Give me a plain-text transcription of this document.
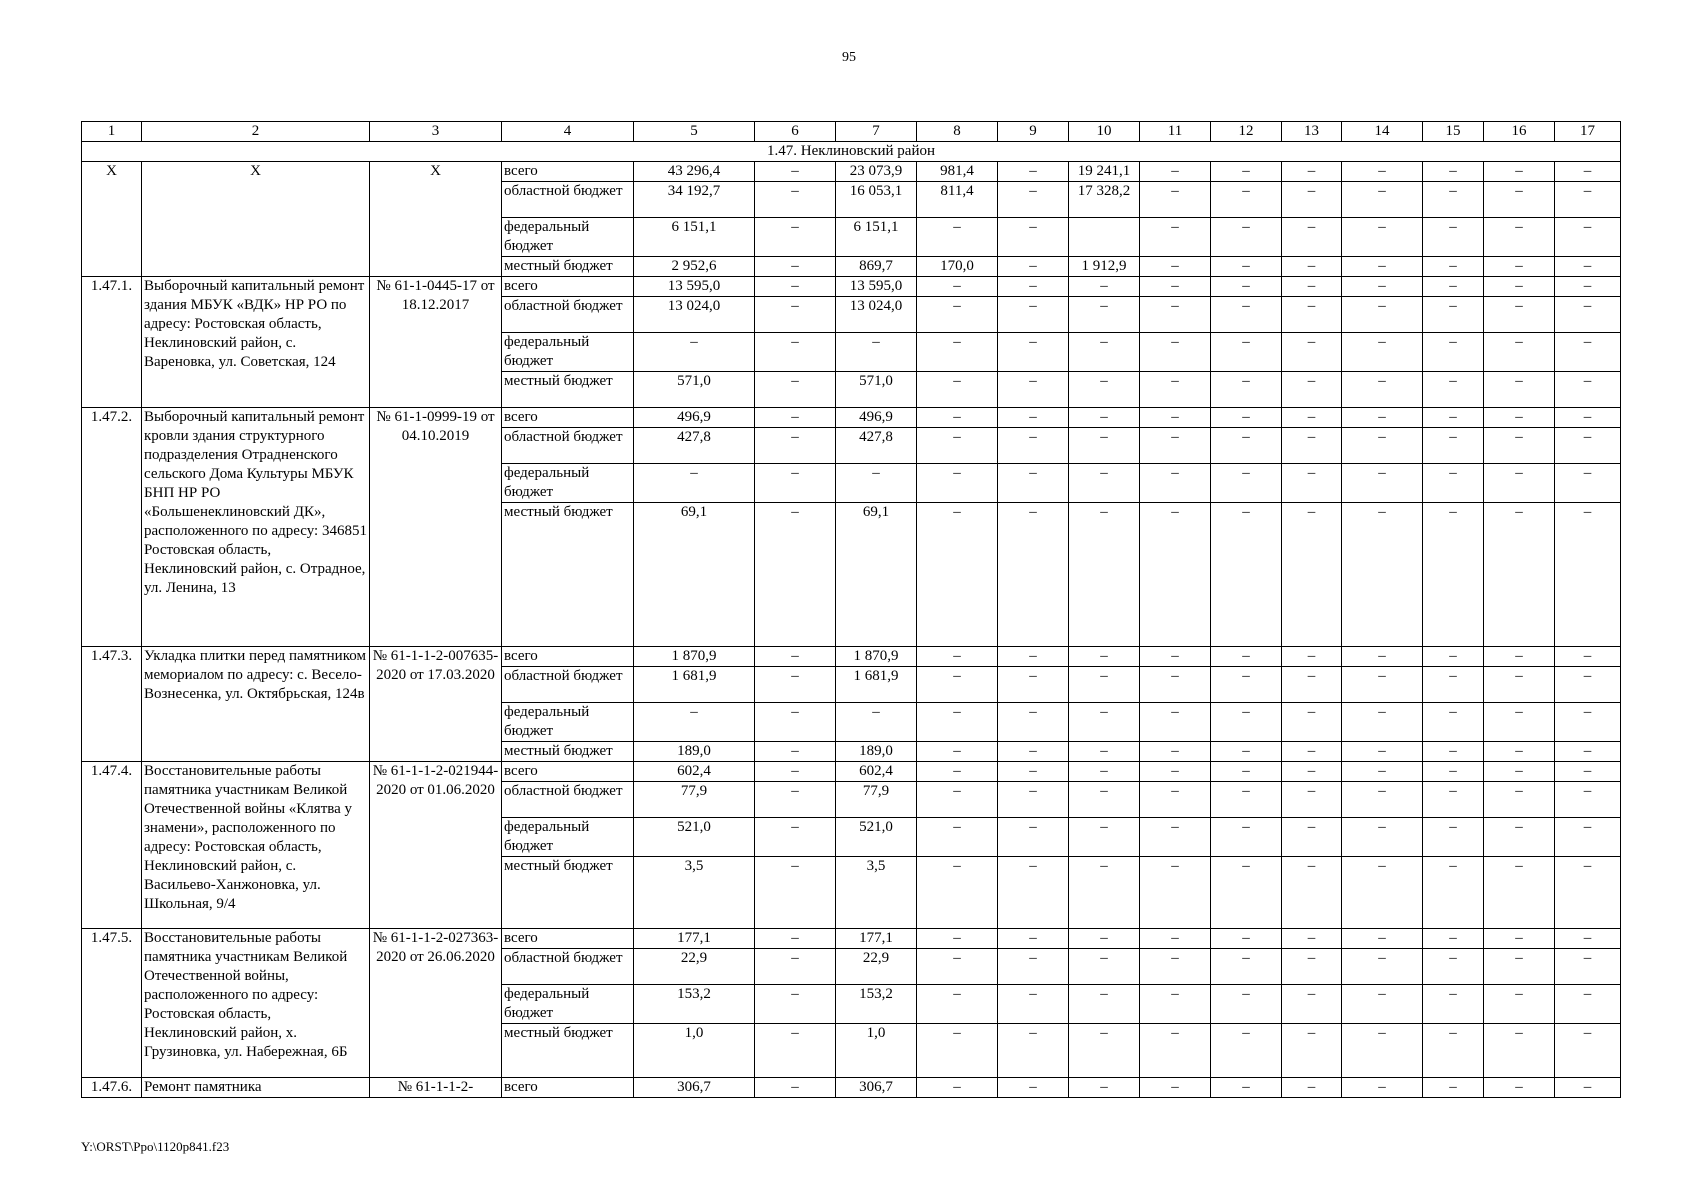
95
1	2	3	4	5	6	7	8	9	10	11	12	13	14	15	16	17
1.47. Неклиновский район																
X	X	X	всего	43 296,4	–	23 073,9	981,4	–	19 241,1	–	–	–	–	–	–	–
			областной бюджет	34 192,7	–	16 053,1	811,4	–	17 328,2	–	–	–	–	–	–	–
			федеральный бюджет	6 151,1	–	6 151,1	–	–		–	–	–	–	–	–	–
			местный бюджет	2 952,6	–	869,7	170,0	–	1 912,9	–	–	–	–	–	–	–
1.47.1.	Выборочный капитальный ремонт здания МБУК «ВДК» НР РО по адресу: Ростовская область, Неклиновский район, с. Вареновка, ул. Советская, 124	№ 61-1-0445-17 от 18.12.2017	всего	13 595,0	–	13 595,0	–	–	–	–	–	–	–	–	–	–
			областной бюджет	13 024,0	–	13 024,0	–	–	–	–	–	–	–	–	–	–
			федеральный бюджет	–	–	–	–	–	–	–	–	–	–	–	–	–
			местный бюджет	571,0	–	571,0	–	–	–	–	–	–	–	–	–	–
1.47.2.	Выборочный капитальный ремонт кровли здания структурного подразделения Отрадненского сельского Дома Культуры МБУК БНП НР РО «Большенеклиновский ДК», расположенного по адресу: 346851 Ростовская область, Неклиновский район, с. Отрадное, ул. Ленина, 13	№ 61-1-0999-19 от 04.10.2019	всего	496,9	–	496,9	–	–	–	–	–	–	–	–	–	–
			областной бюджет	427,8	–	427,8	–	–	–	–	–	–	–	–	–	–
			федеральный бюджет	–	–	–	–	–	–	–	–	–	–	–	–	–
			местный бюджет	69,1	–	69,1	–	–	–	–	–	–	–	–	–	–
1.47.3.	Укладка плитки перед памятником мемориалом по адресу: с. Весело-Вознесенка, ул. Октябрьская, 124в	№ 61-1-1-2-007635-2020 от 17.03.2020	всего	1 870,9	–	1 870,9	–	–	–	–	–	–	–	–	–	–
			областной бюджет	1 681,9	–	1 681,9	–	–	–	–	–	–	–	–	–	–
			федеральный бюджет	–	–	–	–	–	–	–	–	–	–	–	–	–
			местный бюджет	189,0	–	189,0	–	–	–	–	–	–	–	–	–	–
1.47.4.	Восстановительные работы памятника участникам Великой Отечественной войны «Клятва у знамени», расположенного по адресу: Ростовская область, Неклиновский район, с. Васильево-Ханжоновка, ул. Школьная, 9/4	№ 61-1-1-2-021944-2020 от 01.06.2020	всего	602,4	–	602,4	–	–	–	–	–	–	–	–	–	–
			областной бюджет	77,9	–	77,9	–	–	–	–	–	–	–	–	–	–
			федеральный бюджет	521,0	–	521,0	–	–	–	–	–	–	–	–	–	–
			местный бюджет	3,5	–	3,5	–	–	–	–	–	–	–	–	–	–
1.47.5.	Восстановительные работы памятника участникам Великой Отечественной войны, расположенного по адресу: Ростовская область, Неклиновский район, х. Грузиновка, ул. Набережная, 6Б	№ 61-1-1-2-027363-2020 от 26.06.2020	всего	177,1	–	177,1	–	–	–	–	–	–	–	–	–	–
			областной бюджет	22,9	–	22,9	–	–	–	–	–	–	–	–	–	–
			федеральный бюджет	153,2	–	153,2	–	–	–	–	–	–	–	–	–	–
			местный бюджет	1,0	–	1,0	–	–	–	–	–	–	–	–	–	–
1.47.6.	Ремонт памятника	№ 61-1-1-2-	всего	306,7	–	306,7	–	–	–	–	–	–	–	–	–	–
Y:\ORST\Ppo\1120p841.f23
